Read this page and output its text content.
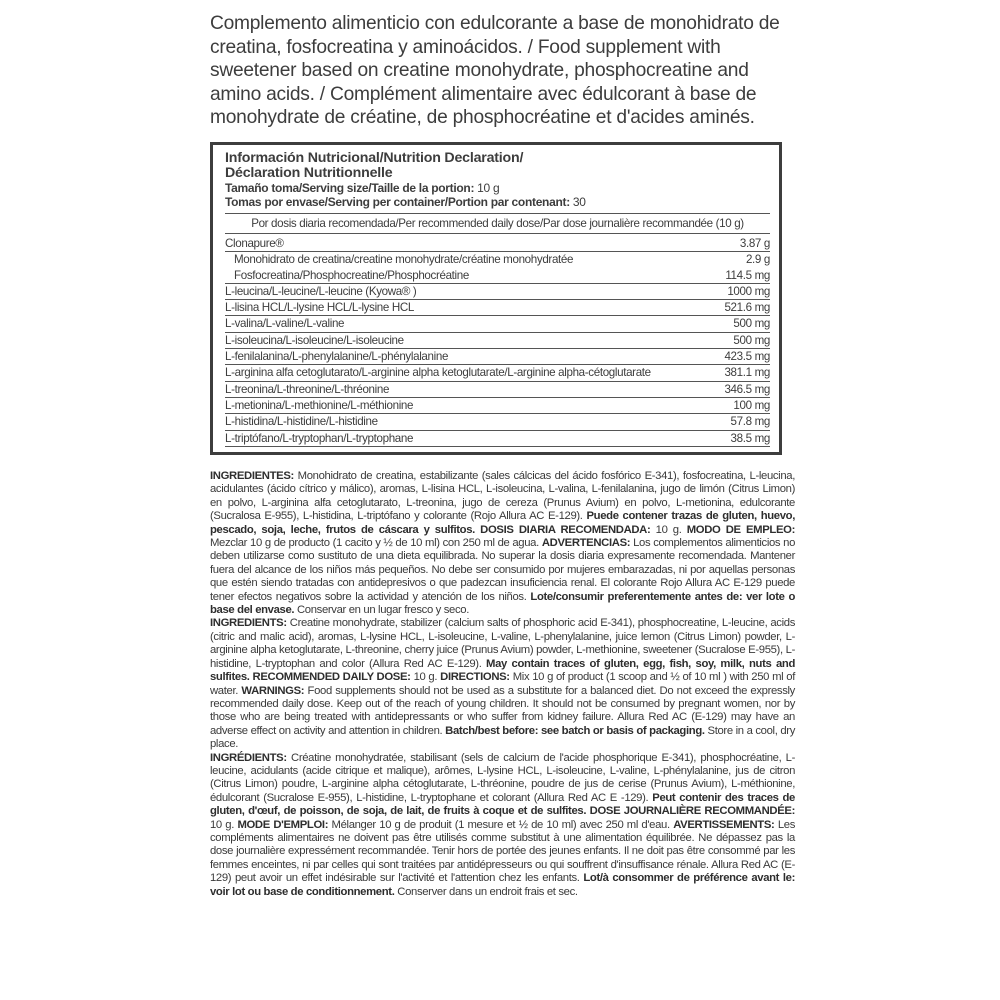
Complemento alimenticio con edulcorante a base de monohidrato de creatina, fosfocreatina y aminoácidos. / Food supplement with sweetener based on creatine monohydrate, phosphocreatine and amino acids. / Complément alimentaire avec édulcorant à base de monohydrate de créatine, de phosphocréatine et d'acides aminés.
Información Nutricional/Nutrition Declaration/
Déclaration Nutritionnelle
Tamaño toma/Serving size/Taille de la portion: 10 g
Tomas por envase/Serving per container/Portion par contenant: 30
Por dosis diaria recomendada/Per recommended daily dose/Par dose journalière recommandée (10 g)
Clonapure®	3.87 g
Monohidrato de creatina/creatine monohydrate/créatine monohydratée	2.9 g
Fosfocreatina/Phosphocreatine/Phosphocréatine	114.5 mg
L-leucina/L-leucine/L-leucine (Kyowa® )	1000 mg
L-lisina HCL/L-lysine HCL/L-lysine HCL	521.6 mg
L-valina/L-valine/L-valine	500 mg
L-isoleucina/L-isoleucine/L-isoleucine	500 mg
L-fenilalanina/L-phenylalanine/L-phénylalanine	423.5 mg
L-arginina alfa cetoglutarato/L-arginine alpha ketoglutarate/L-arginine alpha-cétoglutarate	381.1 mg
L-treonina/L-threonine/L-thréonine	346.5 mg
L-metionina/L-methionine/L-méthionine	100 mg
L-histidina/L-histidine/L-histidine	57.8 mg
L-triptófano/L-tryptophan/L-tryptophane	38.5 mg

INGREDIENTES: Monohidrato de creatina, estabilizante (sales cálcicas del ácido fosfórico E-341), fosfocreatina, L-leucina, acidulantes (ácido cítrico y málico), aromas, L-lisina HCL, L-isoleucina, L-valina, L-fenilalanina, jugo de limón (Citrus Limon) en polvo, L-arginina alfa cetoglutarato, L-treonina, jugo de cereza (Prunus Avium) en polvo, L-metionina, edulcorante (Sucralosa E-955), L-histidina, L-triptófano y colorante (Rojo Allura AC E-129). Puede contener trazas de gluten, huevo, pescado, soja, leche, frutos de cáscara y sulfitos. DOSIS DIARIA RECOMENDADA: 10 g. MODO DE EMPLEO: Mezclar 10 g de producto (1 cacito y ½ de 10 ml) con 250 ml de agua. ADVERTENCIAS: Los complementos alimenticios no deben utilizarse como sustituto de una dieta equilibrada. No superar la dosis diaria expresamente recomendada. Mantener fuera del alcance de los niños más pequeños. No debe ser consumido por mujeres embarazadas, ni por aquellas personas que estén siendo tratadas con antidepresivos o que padezcan insuficiencia renal. El colorante Rojo Allura AC E-129 puede tener efectos negativos sobre la actividad y atención de los niños. Lote/consumir preferentemente antes de: ver lote o base del envase. Conservar en un lugar fresco y seco.

INGREDIENTS: Creatine monohydrate, stabilizer (calcium salts of phosphoric acid E-341), phosphocreatine, L-leucine, acids (citric and malic acid), aromas, L-lysine HCL, L-isoleucine, L-valine, L-phenylalanine, juice lemon (Citrus Limon) powder, L-arginine alpha ketoglutarate, L-threonine, cherry juice (Prunus Avium) powder, L-methionine, sweetener (Sucralose E-955), L-histidine, L-tryptophan and color (Allura Red AC E-129). May contain traces of gluten, egg, fish, soy, milk, nuts and sulfites. RECOMMENDED DAILY DOSE: 10 g. DIRECTIONS: Mix 10 g of product (1 scoop and ½ of 10 ml ) with 250 ml of water. WARNINGS: Food supplements should not be used as a substitute for a balanced diet. Do not exceed the expressly recommended daily dose. Keep out of the reach of young children. It should not be consumed by pregnant women, nor by those who are being treated with antidepressants or who suffer from kidney failure. Allura Red AC (E-129) may have an adverse effect on activity and attention in children. Batch/best before: see batch or basis of packaging. Store in a cool, dry place.

INGRÉDIENTS: Créatine monohydratée, stabilisant (sels de calcium de l'acide phosphorique E-341), phosphocréatine, L-leucine, acidulants (acide citrique et malique), arômes, L-lysine HCL, L-isoleucine, L-valine, L-phénylalanine, jus de citron (Citrus Limon) poudre, L-arginine alpha cétoglutarate, L-thréonine, poudre de jus de cerise (Prunus Avium), L-méthionine, édulcorant (Sucralose E-955), L-histidine, L-tryptophane et colorant (Allura Red AC E -129). Peut contenir des traces de gluten, d'œuf, de poisson, de soja, de lait, de fruits à coque et de sulfites. DOSE JOURNALIÈRE RECOMMANDÉE: 10 g. MODE D'EMPLOI: Mélanger 10 g de produit (1 mesure et ½ de 10 ml) avec 250 ml d'eau. AVERTISSEMENTS: Les compléments alimentaires ne doivent pas être utilisés comme substitut à une alimentation équilibrée. Ne dépassez pas la dose journalière expressément recommandée. Tenir hors de portée des jeunes enfants. Il ne doit pas être consommé par les femmes enceintes, ni par celles qui sont traitées par antidépresseurs ou qui souffrent d'insuffisance rénale. Allura Red AC (E-129) peut avoir un effet indésirable sur l'activité et l'attention chez les enfants. Lot/à consommer de préférence avant le: voir lot ou base de conditionnement. Conserver dans un endroit frais et sec.
